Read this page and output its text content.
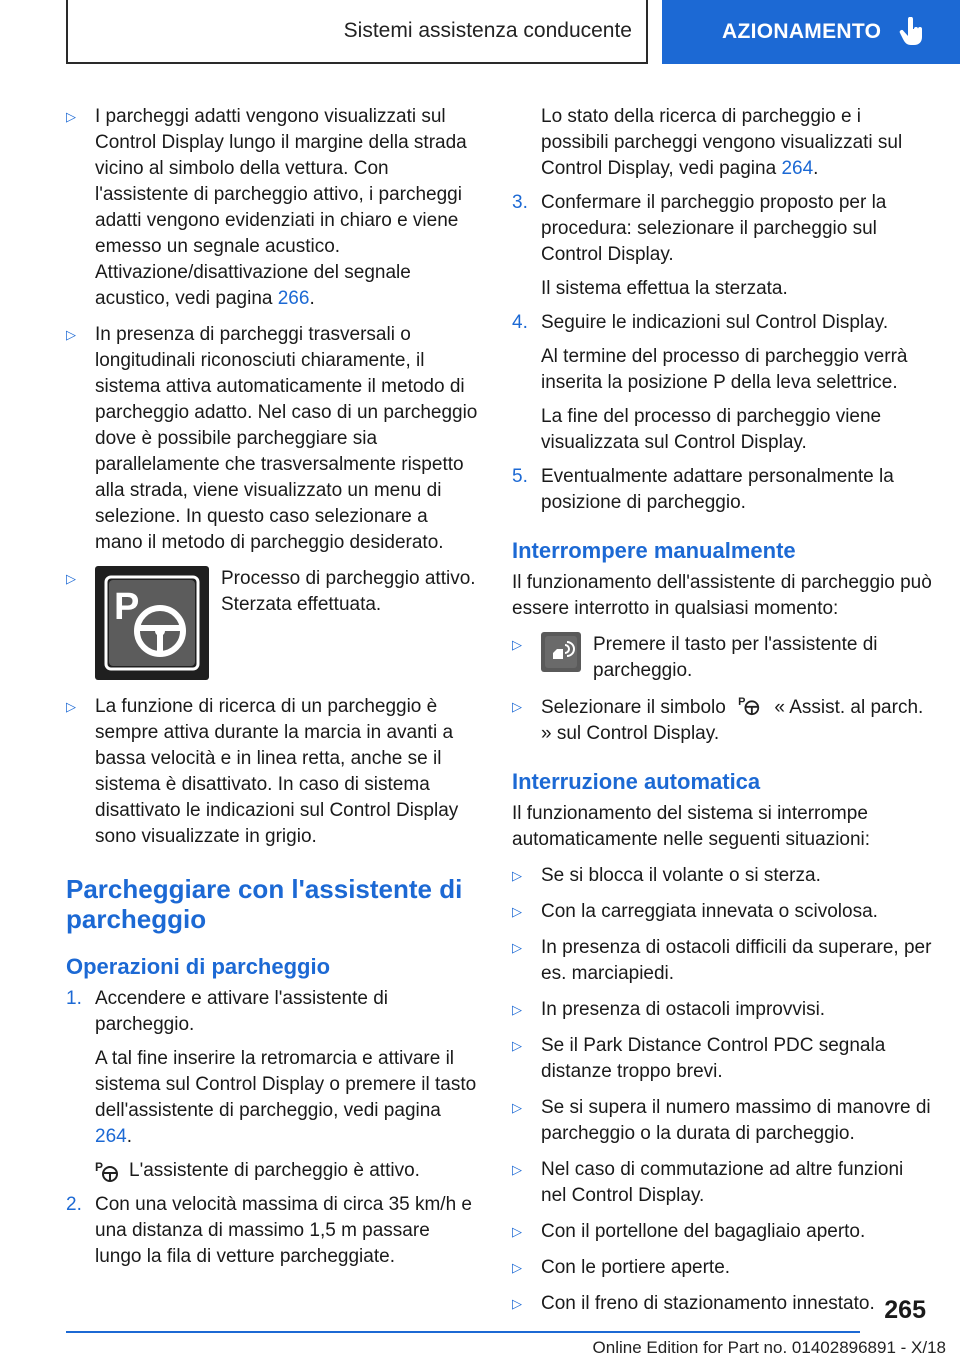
Sistemi assistenza conducente	AZIONAMENTO
▷	I parcheggi adatti vengono visualizzati sul Control Display lungo il margine della strada vicino al simbolo della vettura. Con l'assistente di parcheggio attivo, i parcheggi adatti vengono evidenziati in chiaro e viene emesso un segnale acustico. Attivazione/disattivazione del segnale acustico, vedi pagina 266.
▷	In presenza di parcheggi trasversali o longitudinali riconosciuti chiaramente, il sistema attiva automaticamente il metodo di parcheggio adatto. Nel caso di un parcheggio dove è possibile parcheggiare sia parallelamente che trasversalmente rispetto alla strada, viene visualizzato un menu di selezione. In questo caso selezionare a mano il metodo di parcheggio desiderato.
▷
P
Processo di parcheggio attivo. Sterzata effettuata.
▷	La funzione di ricerca di un parcheggio è sempre attiva durante la marcia in avanti a bassa velocità e in linea retta, anche se il sistema è disattivato. In caso di sistema disattivato le indicazioni sul Control Display sono visualizzate in grigio.
Parcheggiare con l'assistente di parcheggio
Operazioni di parcheggio
1. Accendere e attivare l'assistente di parcheggio.
A tal fine inserire la retromarcia e attivare il sistema sul Control Display o premere il tasto dell'assistente di parcheggio, vedi pagina 264.
P L'assistente di parcheggio è attivo.
2. Con una velocità massima di circa 35 km/h e una distanza di massimo 1,5 m passare lungo la fila di vetture parcheggiate.
Lo stato della ricerca di parcheggio e i possibili parcheggi vengono visualizzati sul Control Display, vedi pagina 264.
3. Confermare il parcheggio proposto per la procedura: selezionare il parcheggio sul Control Display.
Il sistema effettua la sterzata.
4. Seguire le indicazioni sul Control Display.
Al termine del processo di parcheggio verrà inserita la posizione P della leva selettrice.
La fine del processo di parcheggio viene visualizzata sul Control Display.
5. Eventualmente adattare personalmente la posizione di parcheggio.
Interrompere manualmente
Il funzionamento dell'assistente di parcheggio può essere interrotto in qualsiasi momento:
▷	Premere il tasto per l'assistente di parcheggio.
▷	Selezionare il simbolo P « Assist. al parch. » sul Control Display.
Interruzione automatica
Il funzionamento del sistema si interrompe automaticamente nelle seguenti situazioni:
▷	Se si blocca il volante o si sterza.
▷	Con la carreggiata innevata o scivolosa.
▷	In presenza di ostacoli difficili da superare, per es. marciapiedi.
▷	In presenza di ostacoli improvvisi.
▷	Se il Park Distance Control PDC segnala distanze troppo brevi.
▷	Se si supera il numero massimo di manovre di parcheggio o la durata di parcheggio.
▷	Nel caso di commutazione ad altre funzioni nel Control Display.
▷	Con il portellone del bagagliaio aperto.
▷	Con le portiere aperte.
▷	Con il freno di stazionamento innestato. 265
Online Edition for Part no. 01402896891 - X/18
